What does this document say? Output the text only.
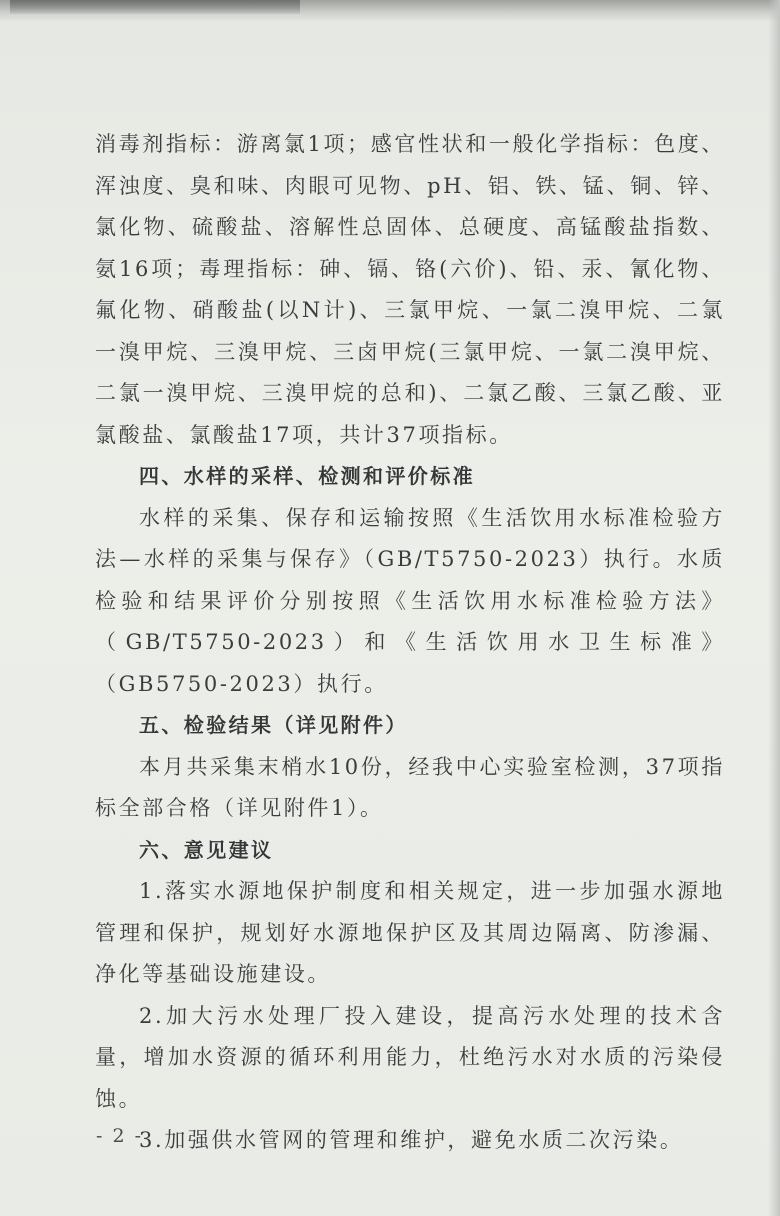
消毒剂指标：游离氯1项；感官性状和一般化学指标：色度、浑浊度、臭和味、肉眼可见物、pH、铝、铁、锰、铜、锌、氯化物、硫酸盐、溶解性总固体、总硬度、高锰酸盐指数、氨16项；毒理指标：砷、镉、铬(六价)、铅、汞、氰化物、氟化物、硝酸盐(以N计)、三氯甲烷、一氯二溴甲烷、二氯一溴甲烷、三溴甲烷、三卤甲烷(三氯甲烷、一氯二溴甲烷、二氯一溴甲烷、三溴甲烷的总和)、二氯乙酸、三氯乙酸、亚氯酸盐、氯酸盐17项，共计37项指标。

四、水样的采样、检测和评价标准

水样的采集、保存和运输按照《生活饮用水标准检验方法—水样的采集与保存》（GB/T5750-2023）执行。水质检验和结果评价分别按照《生活饮用水标准检验方法》（GB/T5750-2023）和《生活饮用水卫生标准》（GB5750-2023）执行。

五、检验结果（详见附件）

本月共采集末梢水10份，经我中心实验室检测，37项指标全部合格（详见附件1）。

六、意见建议

1.落实水源地保护制度和相关规定，进一步加强水源地管理和保护，规划好水源地保护区及其周边隔离、防渗漏、净化等基础设施建设。

2.加大污水处理厂投入建设，提高污水处理的技术含量，增加水资源的循环利用能力，杜绝污水对水质的污染侵蚀。

3.加强供水管网的管理和维护，避免水质二次污染。

- 2 -
